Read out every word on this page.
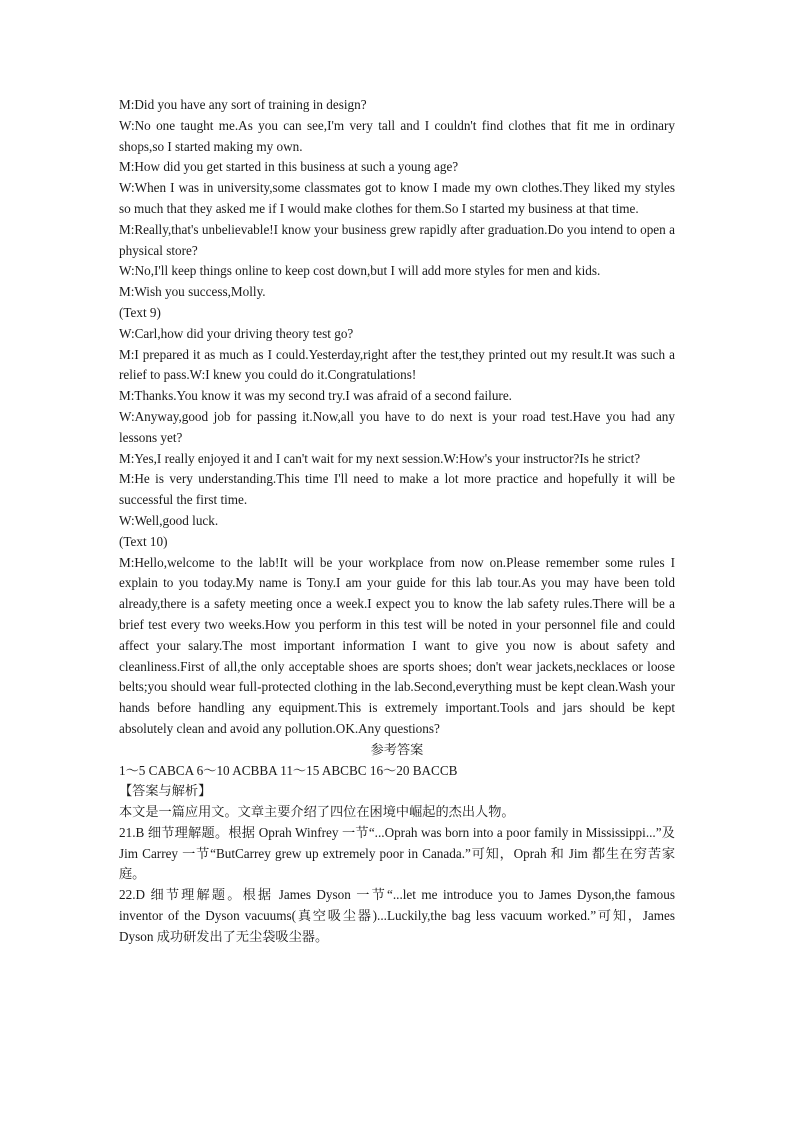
M:Did you have any sort of training in design?

W:No one taught me.As you can see,I'm very tall and I couldn't find clothes that fit me in ordinary shops,so I started making my own.

M:How did you get started in this business at such a young age?

W:When I was in university,some classmates got to know I made my own clothes.They liked my styles so much that they asked me if I would make clothes for them.So I started my business at that time.

M:Really,that's unbelievable!I know your business grew rapidly after graduation.Do you intend to open a physical store?

W:No,I'll keep things online to keep cost down,but I will add more styles for men and kids.

M:Wish you success,Molly.

(Text 9)

W:Carl,how did your driving theory test go?

M:I prepared it as much as I could.Yesterday,right after the test,they printed out my result.It was such a relief to pass.W:I knew you could do it.Congratulations!

M:Thanks.You know it was my second try.I was afraid of a second failure.

W:Anyway,good job for passing it.Now,all you have to do next is your road test.Have you had any lessons yet?

M:Yes,I really enjoyed it and I can't wait for my next session.W:How's your instructor?Is he strict?

M:He is very understanding.This time I'll need to make a lot more practice and hopefully it will be successful the first time.

W:Well,good luck.

(Text 10)

M:Hello,welcome to the lab!It will be your workplace from now on.Please remember some rules I explain to you today.My name is Tony.I am your guide for this lab tour.As you may have been told already,there is a safety meeting once a week.I expect you to know the lab safety rules.There will be a brief test every two weeks.How you perform in this test will be noted in your personnel file and could affect your salary.The most important information I want to give you now is about safety and cleanliness.First of all,the only acceptable shoes are sports shoes; don't wear jackets,necklaces or loose belts;you should wear full-protected clothing in the lab.Second,everything must be kept clean.Wash your hands before handling any equipment.This is extremely important.Tools and jars should be kept absolutely clean and avoid any pollution.OK.Any questions?

参考答案

1～5 CABCA 6～10 ACBBA 11～15 ABCBC 16～20 BACCB

【答案与解析】

本文是一篇应用文。文章主要介绍了四位在困境中崛起的杰出人物。

21.B 细节理解题。根据 Oprah Winfrey 一节“...Oprah was born into a poor family in Mississippi...”及 Jim Carrey 一节“ButCarrey grew up extremely poor in Canada.”可知，Oprah 和 Jim 都生在穷苦家庭。

22.D 细节理解题。根据 James Dyson 一节“...let me introduce you to James Dyson,the famous inventor of the Dyson vacuums(真空吸尘器)...Luckily,the bag less vacuum worked.”可知，James Dyson 成功研发出了无尘袋吸尘器。
